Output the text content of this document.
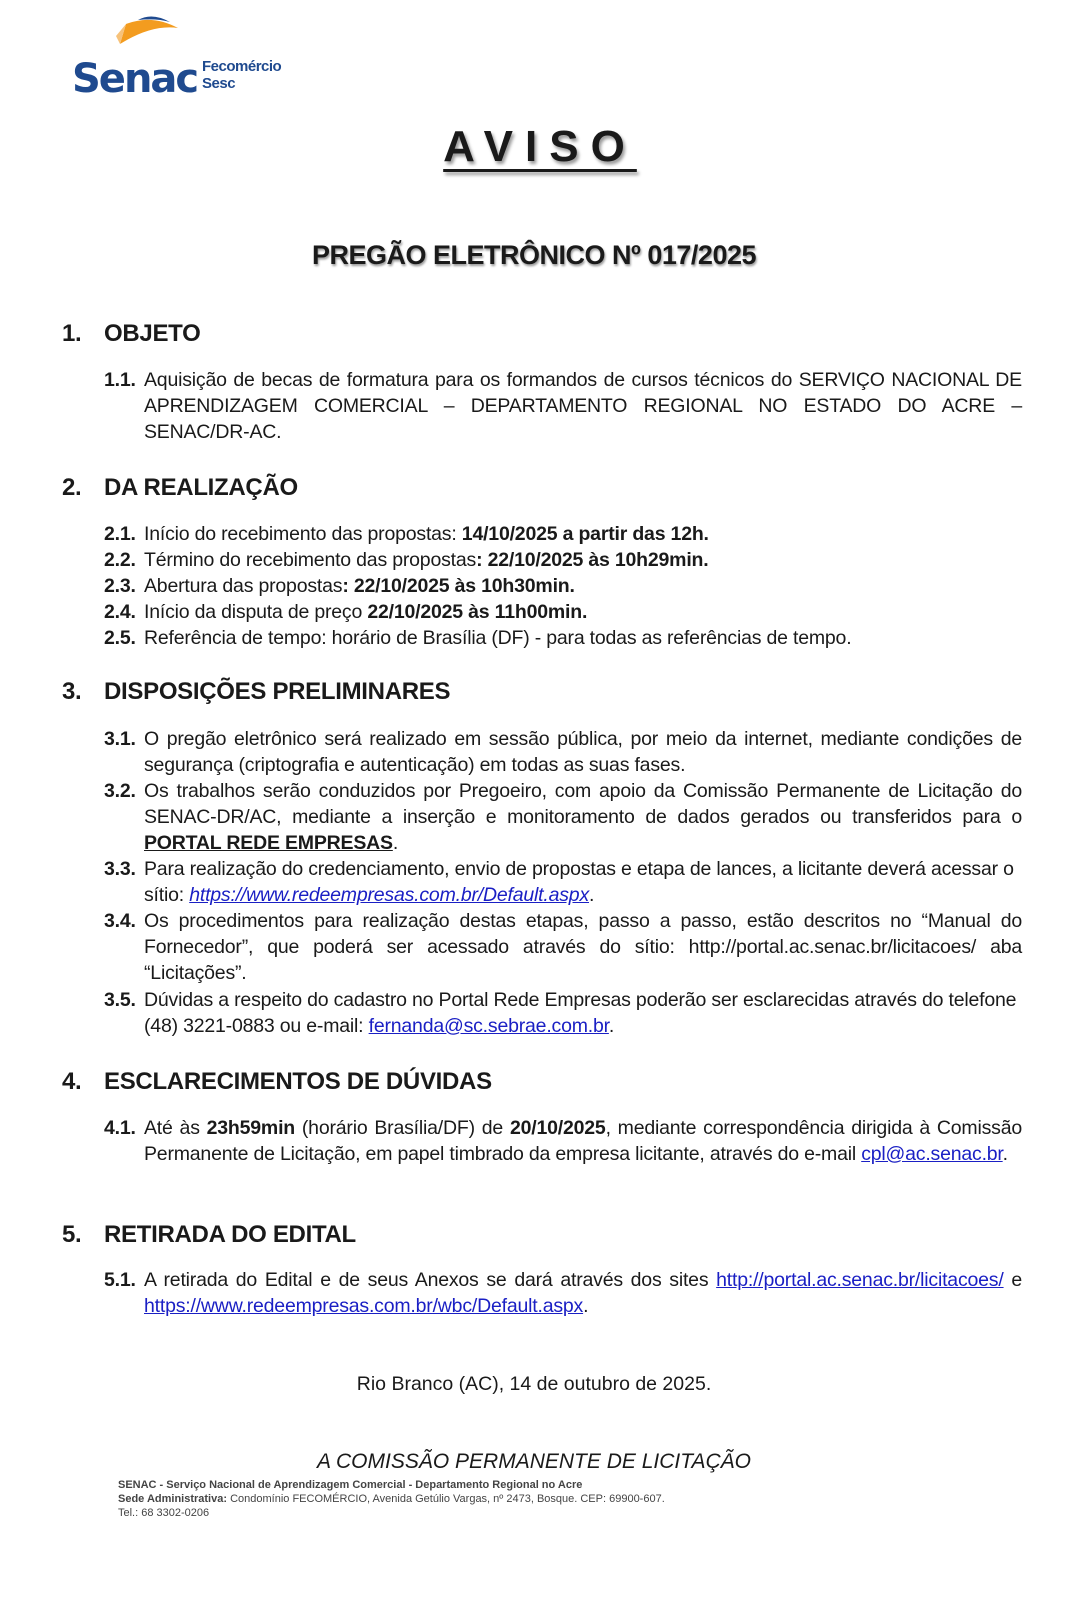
Senac Fecomércio
Sesc
AVISO
PREGÃO ELETRÔNICO Nº 017/2025
1. OBJETO
1.1. Aquisição de becas de formatura para os formandos de cursos técnicos do SERVIÇO NACIONAL DE APRENDIZAGEM COMERCIAL – DEPARTAMENTO REGIONAL NO ESTADO DO ACRE – SENAC/DR-AC.
2. DA REALIZAÇÃO
2.1. Início do recebimento das propostas: 14/10/2025 a partir das 12h.
2.2. Término do recebimento das propostas: 22/10/2025 às 10h29min.
2.3. Abertura das propostas: 22/10/2025 às 10h30min.
2.4. Início da disputa de preço 22/10/2025 às 11h00min.
2.5. Referência de tempo: horário de Brasília (DF) - para todas as referências de tempo.
3. DISPOSIÇÕES PRELIMINARES
3.1. O pregão eletrônico será realizado em sessão pública, por meio da internet, mediante condições de segurança (criptografia e autenticação) em todas as suas fases.
3.2. Os trabalhos serão conduzidos por Pregoeiro, com apoio da Comissão Permanente de Licitação do SENAC-DR/AC, mediante a inserção e monitoramento de dados gerados ou transferidos para o PORTAL REDE EMPRESAS.
3.3. Para realização do credenciamento, envio de propostas e etapa de lances, a licitante deverá acessar o sítio: https://www.redeempresas.com.br/Default.aspx.
3.4. Os procedimentos para realização destas etapas, passo a passo, estão descritos no “Manual do Fornecedor”, que poderá ser acessado através do sítio: http://portal.ac.senac.br/licitacoes/ aba “Licitações”.
3.5. Dúvidas a respeito do cadastro no Portal Rede Empresas poderão ser esclarecidas através do telefone (48) 3221-0883 ou e-mail: fernanda@sc.sebrae.com.br.
4. ESCLARECIMENTOS DE DÚVIDAS
4.1. Até às 23h59min (horário Brasília/DF) de 20/10/2025, mediante correspondência dirigida à Comissão Permanente de Licitação, em papel timbrado da empresa licitante, através do e-mail cpl@ac.senac.br.
5. RETIRADA DO EDITAL
5.1. A retirada do Edital e de seus Anexos se dará através dos sites http://portal.ac.senac.br/licitacoes/ e https://www.redeempresas.com.br/wbc/Default.aspx.
Rio Branco (AC), 14 de outubro de 2025.
A COMISSÃO PERMANENTE DE LICITAÇÃO
SENAC - Serviço Nacional de Aprendizagem Comercial - Departamento Regional no Acre
Sede Administrativa: Condomínio FECOMÉRCIO, Avenida Getúlio Vargas, nº 2473, Bosque. CEP: 69900-607.
Tel.: 68 3302-0206
